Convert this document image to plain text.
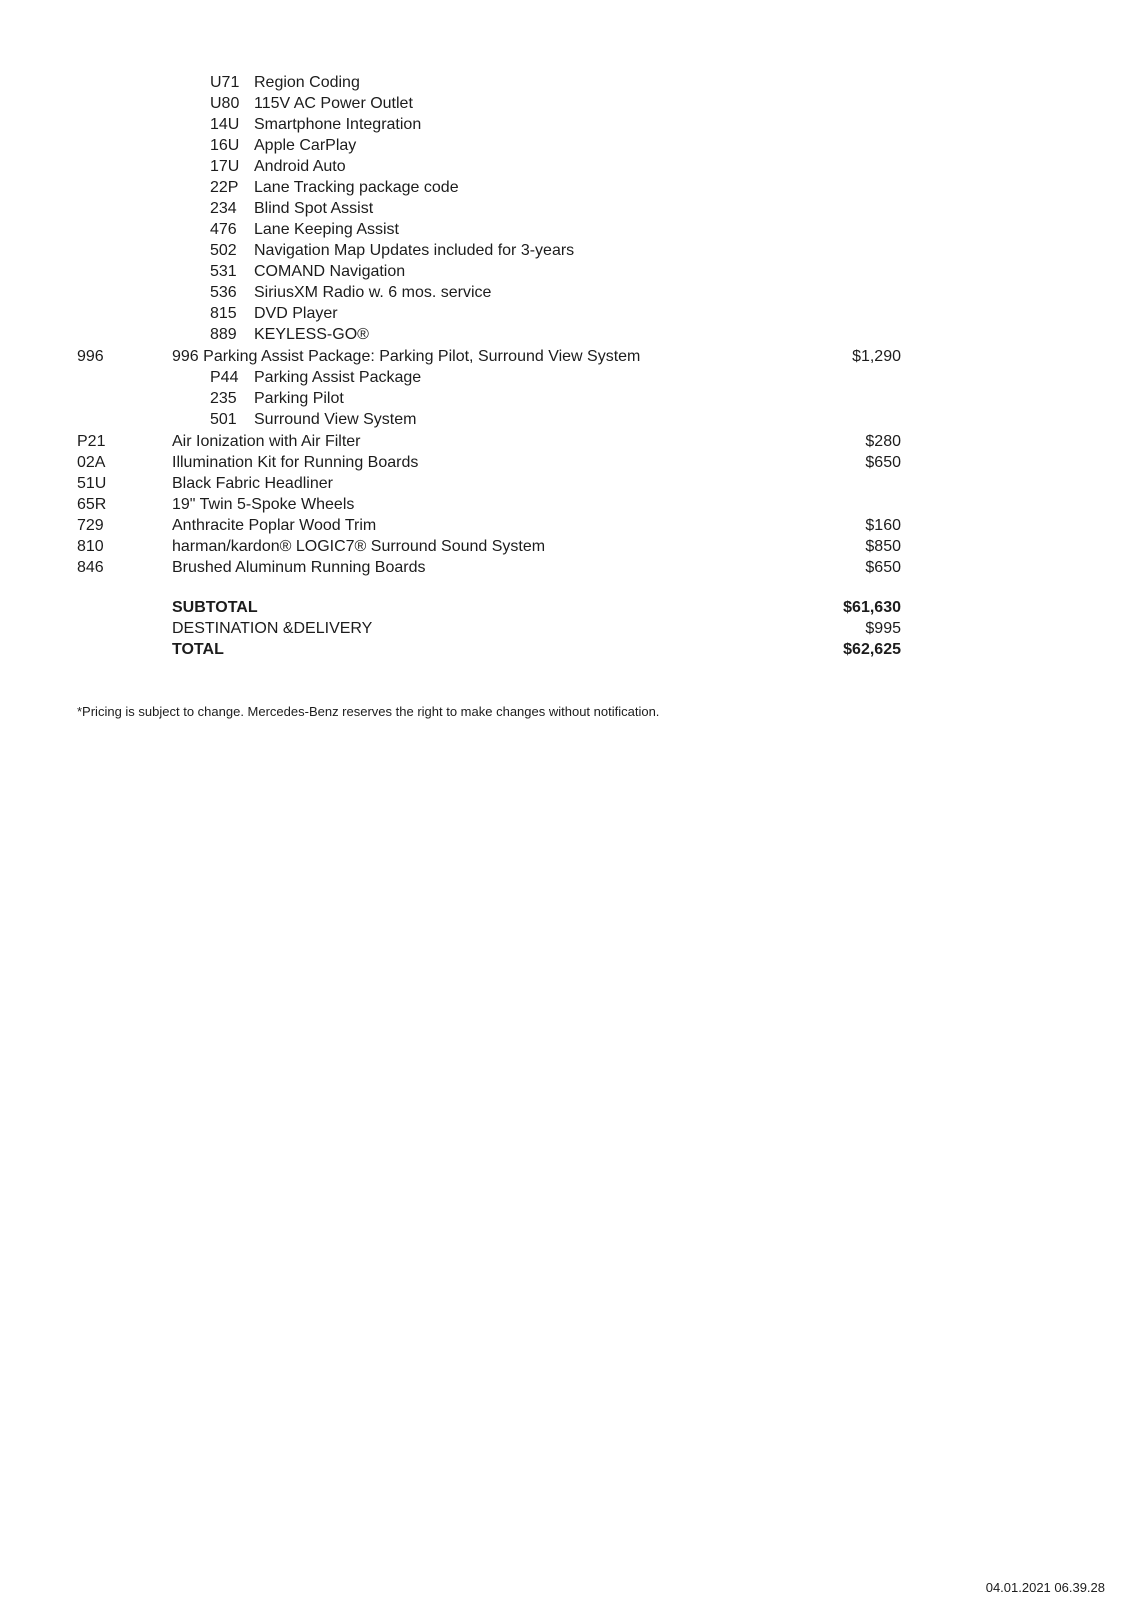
U71 Region Coding
U80 115V AC Power Outlet
14U Smartphone Integration
16U Apple CarPlay
17U Android Auto
22P Lane Tracking package code
234 Blind Spot Assist
476 Lane Keeping Assist
502 Navigation Map Updates included for 3-years
531 COMAND Navigation
536 SiriusXM Radio w. 6 mos. service
815 DVD Player
889 KEYLESS-GO®
996	996 Parking Assist Package: Parking Pilot, Surround View System	$1,290
P44 Parking Assist Package
235 Parking Pilot
501 Surround View System
P21	Air Ionization with Air Filter	$280
02A	Illumination Kit for Running Boards	$650
51U	Black Fabric Headliner
65R	19" Twin 5-Spoke Wheels
729	Anthracite Poplar Wood Trim	$160
810	harman/kardon® LOGIC7® Surround Sound System	$850
846	Brushed Aluminum Running Boards	$650
SUBTOTAL	$61,630
DESTINATION &DELIVERY	$995
TOTAL	$62,625
*Pricing is subject to change. Mercedes-Benz reserves the right to make changes without notification.
04.01.2021 06.39.28
